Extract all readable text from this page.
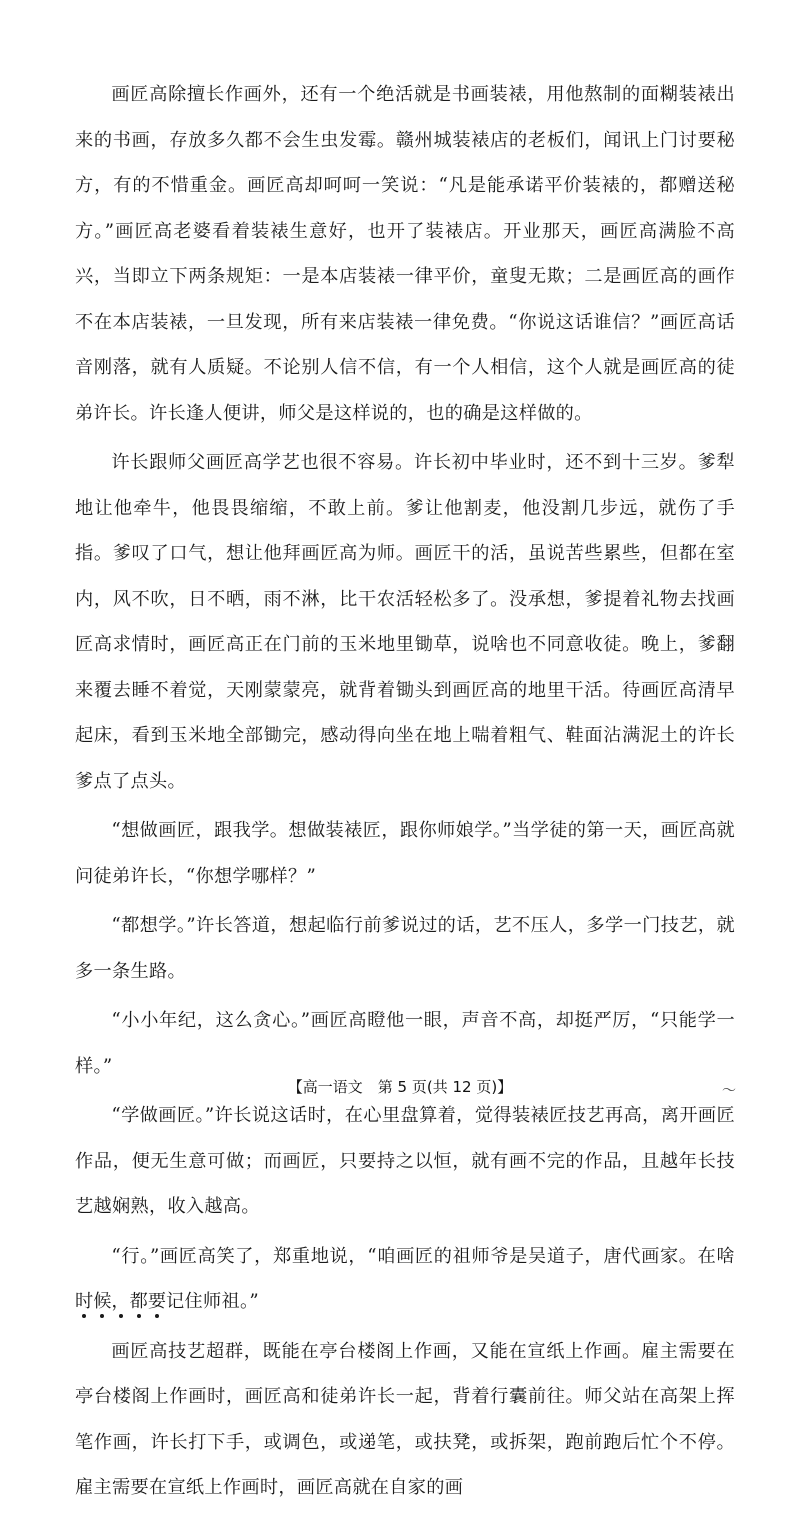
画匠高除擅长作画外，还有一个绝活就是书画装裱，用他熬制的面糊装裱出来的书画，存放多久都不会生虫发霉。赣州城装裱店的老板们，闻讯上门讨要秘方，有的不惜重金。画匠高却呵呵一笑说：“凡是能承诺平价装裱的，都赠送秘方。”画匠高老婆看着装裱生意好，也开了装裱店。开业那天，画匠高满脸不高兴，当即立下两条规矩：一是本店装裱一律平价，童叟无欺；二是画匠高的画作不在本店装裱，一旦发现，所有来店装裱一律免费。“你说这话谁信？”画匠高话音刚落，就有人质疑。不论别人信不信，有一个人相信，这个人就是画匠高的徒弟许长。许长逢人便讲，师父是这样说的，也的确是这样做的。

许长跟师父画匠高学艺也很不容易。许长初中毕业时，还不到十三岁。爹犁地让他牵牛，他畏畏缩缩，不敢上前。爹让他割麦，他没割几步远，就伤了手指。爹叹了口气，想让他拜画匠高为师。画匠干的活，虽说苦些累些，但都在室内，风不吹，日不晒，雨不淋，比干农活轻松多了。没承想，爹提着礼物去找画匠高求情时，画匠高正在门前的玉米地里锄草，说啥也不同意收徒。晚上，爹翻来覆去睡不着觉，天刚蒙蒙亮，就背着锄头到画匠高的地里干活。待画匠高清早起床，看到玉米地全部锄完，感动得向坐在地上喘着粗气、鞋面沾满泥土的许长爹点了点头。

“想做画匠，跟我学。想做装裱匠，跟你师娘学。”当学徒的第一天，画匠高就问徒弟许长，“你想学哪样？”

“都想学。”许长答道，想起临行前爹说过的话，艺不压人，多学一门技艺，就多一条生路。

“小小年纪，这么贪心。”画匠高瞪他一眼，声音不高，却挺严厉，“只能学一样。”

“学做画匠。”许长说这话时，在心里盘算着，觉得装裱匠技艺再高，离开画匠作品，便无生意可做；而画匠，只要持之以恒，就有画不完的作品，且越年长技艺越娴熟，收入越高。

“行。”画匠高笑了，郑重地说，“咱画匠的祖师爷是吴道子，唐代画家。在啥时候，都要记住师祖。”

画匠高技艺超群，既能在亭台楼阁上作画，又能在宣纸上作画。雇主需要在亭台楼阁上作画时，画匠高和徒弟许长一起，背着行囊前往。师父站在高架上挥笔作画，许长打下手，或调色，或递笔，或扶凳，或拆架，跑前跑后忙个不停。雇主需要在宣纸上作画时，画匠高就在自家的画

【高一语文　第 5 页(共 12 页)】	～
